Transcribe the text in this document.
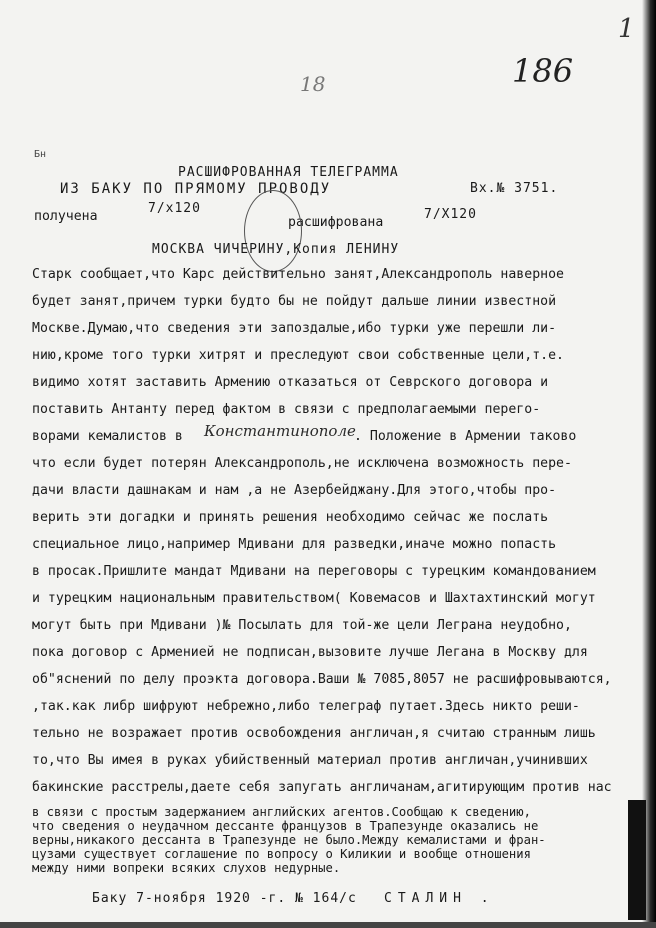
1
186
18
Бн
РАСШИФРОВАННАЯ ТЕЛЕГРАММА
ИЗ БАКУ ПО ПРЯМОМУ ПРОВОДУ	Вх.№ 3751.
получена
7/х120
расшифрована
7/Х120
МОСКВА ЧИЧЕРИНУ,Копия ЛЕНИНУ
Старк сообщает,что Карс действительно занят,Александрополь наверное
будет занят,причем турки будто бы не пойдут дальше линии известной
Москве.Думаю,что сведения эти запоздалые,ибо турки уже перешли ли-
нию,кроме того турки хитрят и преследуют свои собственные цели,т.е.
видимо хотят заставить Армению отказаться от Севрского договора и
поставить Антанту перед фактом в связи с предполагаемыми перего-
ворами кемалистов в Константинополе
. Положение в Армении таково
что если будет потерян Александрополь,не исключена возможность пере-
дачи власти дашнакам и нам ,а не Азербейджану.Для этого,чтобы про-
верить эти догадки и принять решения необходимо сейчас же послать
специальное лицо,например Мдивани для разведки,иначе можно попасть
в просак.Пришлите мандат Мдивани на переговоры с турецким командованием
и турецким национальным правительством( Ковемасов и Шахтахтинский могут
могут быть при Мдивани )№ Посылать для той-же цели Леграна неудобно,
пока договор с Арменией не подписан,вызовите лучше Легана в Москву для
об"яснений по делу проэкта договора.Ваши № 7085,8057 не расшифровываются,
,так.как либр шифруют небрежно,либо телеграф путает.Здесь никто реши-
тельно не возражает против освобождения англичан,я считаю странным лишь
то,что Вы имея в руках убийственный материал против англичан,учинивших
бакинские расстрелы,даете себя запугать англичанам,агитирующим против нас
в связи с простым задержанием английских агентов.Сообщаю к сведению,
что сведения о неудачном дессанте французов в Трапезунде оказались не
верны,никакого дессанта в Трапезунде не было.Между кемалистами и фран-
цузами существует соглашение по вопросу о Киликии и вообще отношения
между ними вопреки всяких слухов недурные.
Баку 7-ноября 1920 -г. № 164/с СТАЛИН .
